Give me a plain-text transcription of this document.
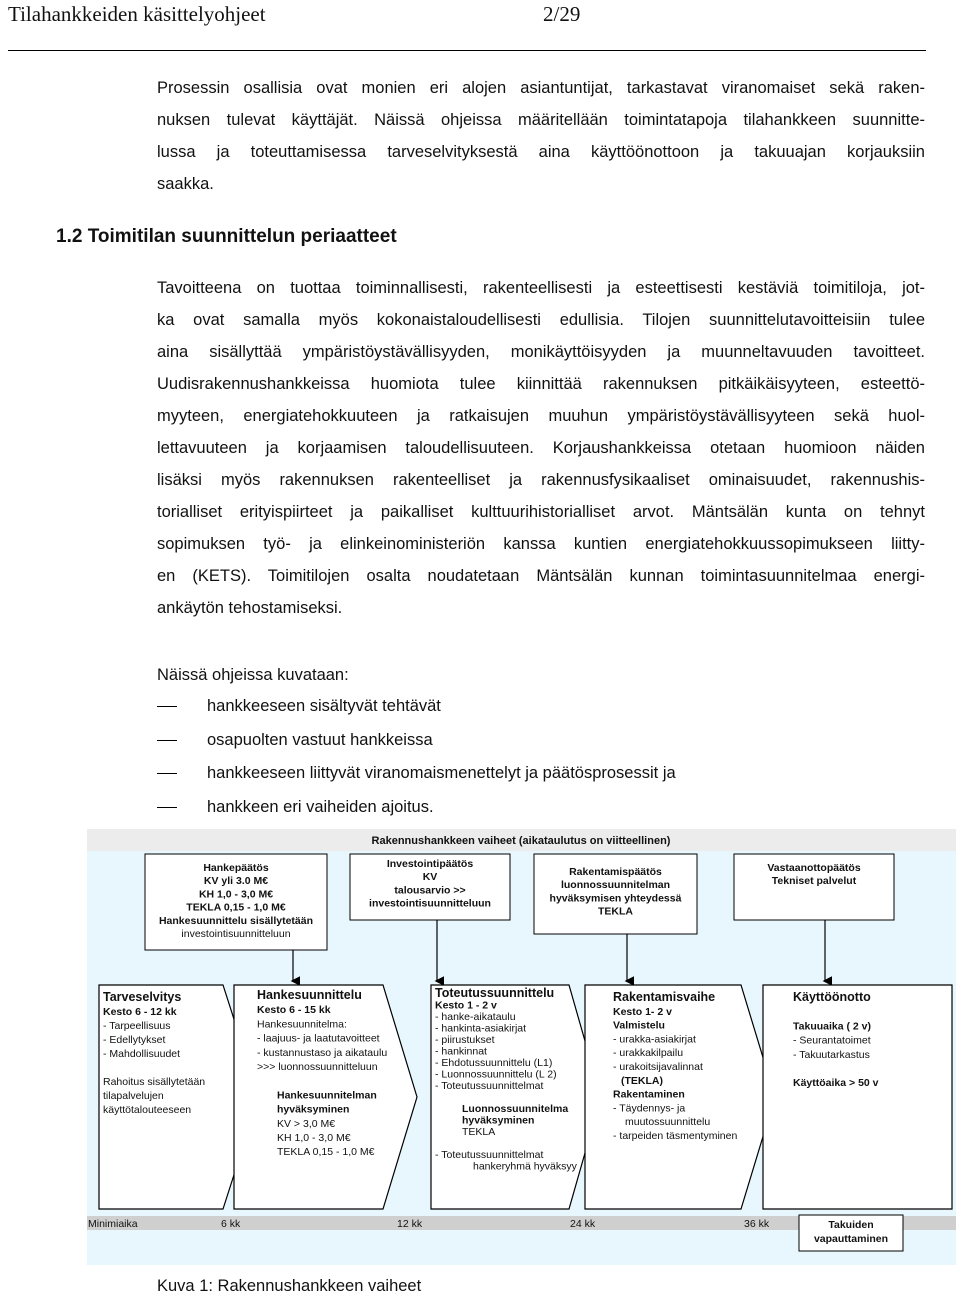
Tilahankkeiden käsittelyohjeet	2/29
Prosessin osallisia ovat monien eri alojen asiantuntijat, tarkastavat viranomaiset sekä raken-
nuksen tulevat käyttäjät. Näissä ohjeissa määritellään toimintatapoja tilahankkeen suunnitte-
lussa ja toteuttamisessa tarveselvityksestä aina käyttöönottoon ja takuuajan korjauksiin
saakka.
1.2 Toimitilan suunnittelun periaatteet
Tavoitteena on tuottaa toiminnallisesti, rakenteellisesti ja esteettisesti kestäviä toimitiloja, jot-
ka ovat samalla myös kokonaistaloudellisesti edullisia. Tilojen suunnittelutavoitteisiin tulee
aina sisällyttää ympäristöystävällisyyden, monikäyttöisyyden ja muunneltavuuden tavoitteet.
Uudisrakennushankkeissa huomiota tulee kiinnittää rakennuksen pitkäikäisyyteen, esteettö-
myyteen, energiatehokkuuteen ja ratkaisujen muuhun ympäristöystävällisyyteen sekä huol-
lettavuuteen ja korjaamisen taloudellisuuteen. Korjaushankkeissa otetaan huomioon näiden
lisäksi myös rakennuksen rakenteelliset ja rakennusfysikaaliset ominaisuudet, rakennushis-
torialliset erityispiirteet ja paikalliset kulttuurihistorialliset arvot. Mäntsälän kunta on tehnyt
sopimuksen työ- ja elinkeinoministeriön kanssa kuntien energiatehokkuussopimukseen liitty-
en (KETS). Toimitilojen osalta noudatetaan Mäntsälän kunnan toimintasuunnitelmaa energi-
ankäytön tehostamiseksi.
Näissä ohjeissa kuvataan:
hankkeeseen sisältyvät tehtävät
osapuolten vastuut hankkeissa
hankkeeseen liittyvät viranomaismenettelyt ja päätösprosessit ja
hankkeen eri vaiheiden ajoitus.
Rakennushankkeen vaiheet (aikataulutus on viitteellinen)
Hankepäätös
KV yli 3.0 M€
KH 1,0 - 3,0 M€
TEKLA 0,15 - 1,0 M€
Hankesuunnittelu sisällytetään
investointisuunnitteluun
Investointipäätös
KV
talousarvio >>
investointisuunnitteluun
Rakentamispäätös
luonnossuunnitelman
hyväksymisen yhteydessä
TEKLA
Vastaanottopäätös
Tekniset palvelut
Tarveselvitys
Kesto 6 - 12 kk
- Tarpeellisuus
- Edellytykset
- Mahdollisuudet
Rahoitus sisällytetään
tilapalvelujen
käyttötalouteeseen
Hankesuunnittelu
Kesto 6 - 15 kk
Hankesuunnitelma:
- laajuus- ja laatutavoitteet
- kustannustaso ja aikataulu
>>> luonnossuunnitteluun
Hankesuunnitelman
hyväksyminen
KV > 3,0 M€
KH 1,0 - 3,0 M€
TEKLA 0,15 - 1,0 M€
Toteutussuunnittelu
Kesto 1 - 2 v
- hanke-aikataulu
- hankinta-asiakirjat
- piirustukset
- hankinnat
- Ehdotussuunnittelu (L1)
- Luonnossuunnittelu (L 2)
- Toteutussuunnittelmat
Luonnossuunnitelma
hyväksyminen
TEKLA
- Toteutussuunnittelmat
hankeryhmä hyväksyy
Rakentamisvaihe
Kesto 1- 2 v
Valmistelu
- urakka-asiakirjat
- urakkakilpailu
- urakoitsijavalinnat
(TEKLA)
Rakentaminen
- Täydennys- ja
muutossuunnittelu
- tarpeiden täsmentyminen
Käyttöönotto
Takuuaika ( 2 v)
- Seurantatoimet
- Takuutarkastus
Käyttöaika > 50 v
Minimiaika	6 kk	12 kk	24 kk	36 kk	Takuiden
vapauttaminen
Kuva 1: Rakennushankkeen vaiheet
